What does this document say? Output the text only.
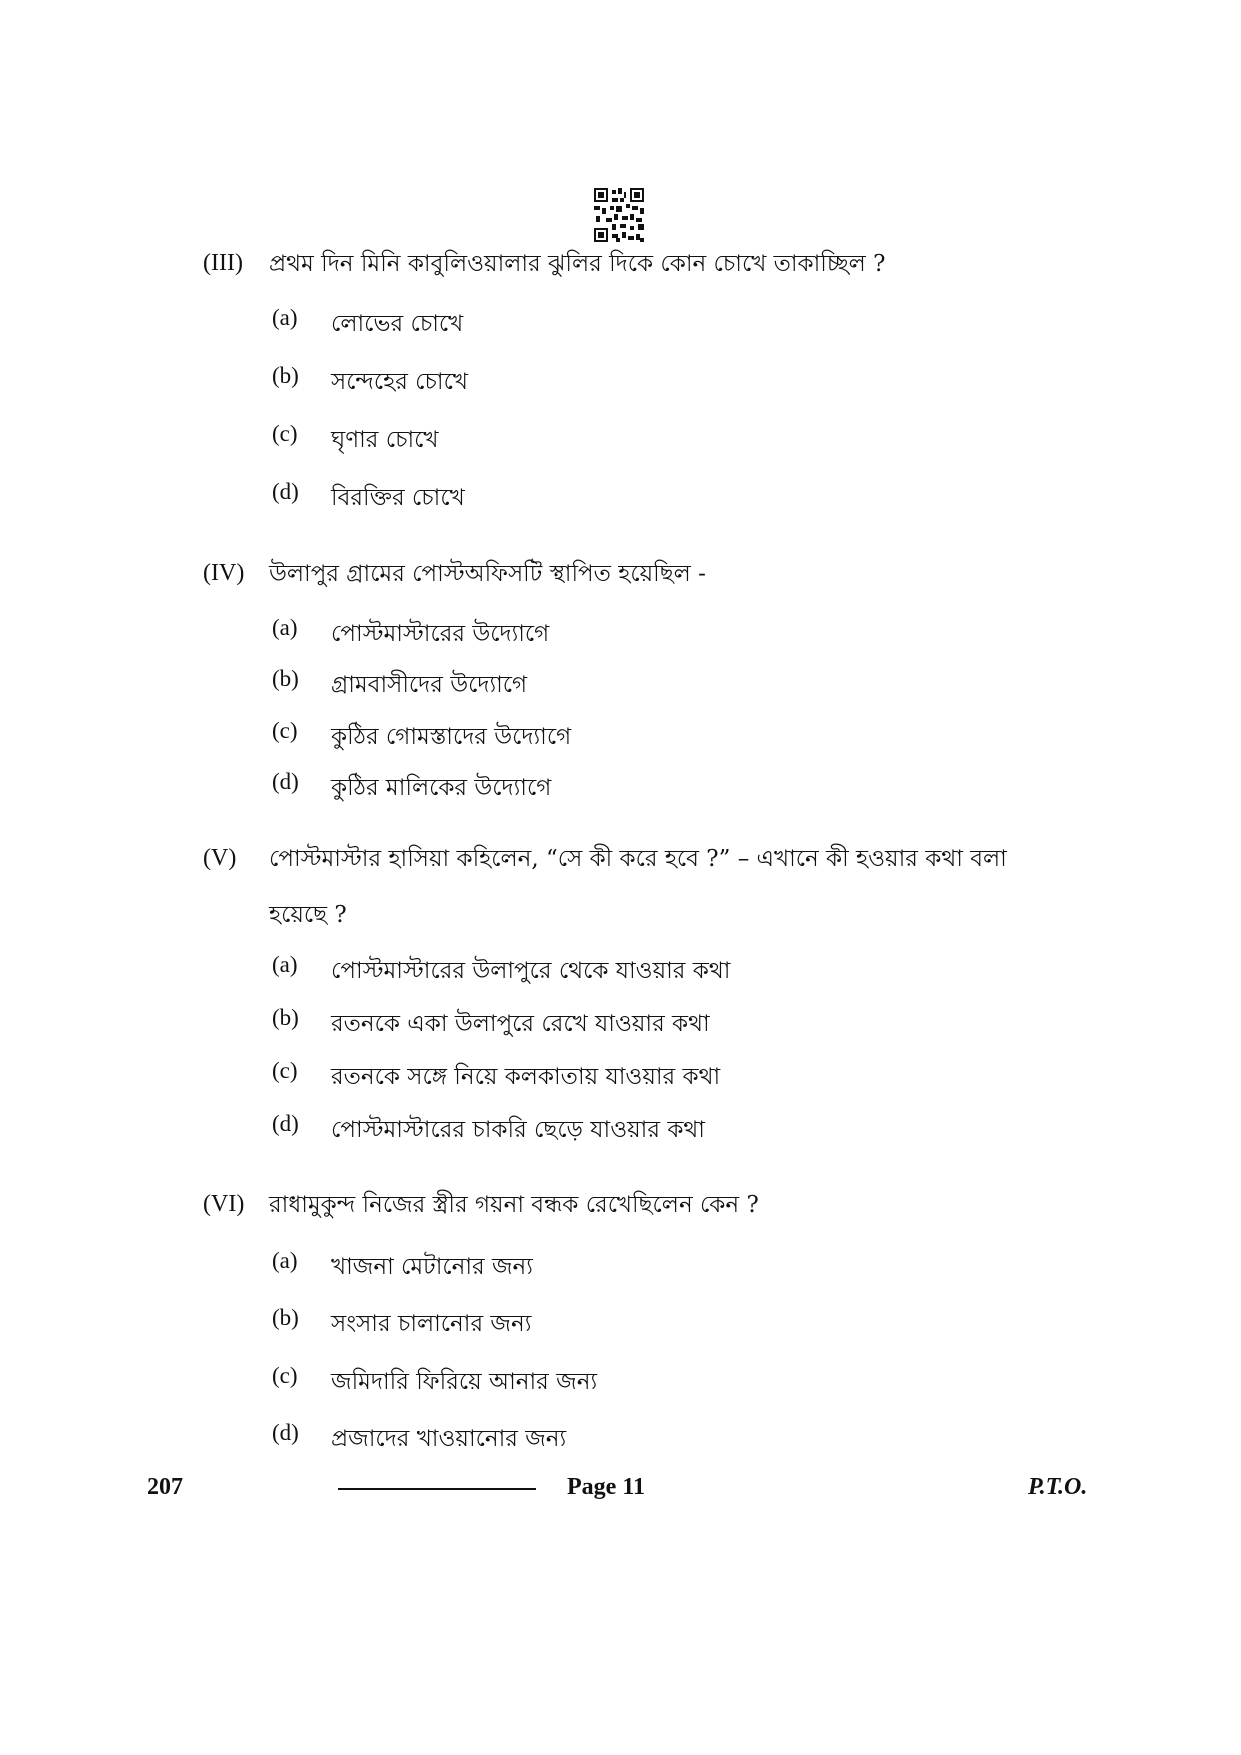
(III) প্রথম দিন মিনি কাবুলিওয়ালার ঝুলির দিকে কোন চোখে তাকাচ্ছিল ?
(a) লোভের চোখে
(b) সন্দেহের চোখে
(c) ঘৃণার চোখে
(d) বিরক্তির চোখে
(IV) উলাপুর গ্রামের পোস্টঅফিসটি স্থাপিত হয়েছিল -
(a) পোস্টমাস্টারের উদ্যোগে
(b) গ্রামবাসীদের উদ্যোগে
(c) কুঠির গোমস্তাদের উদ্যোগে
(d) কুঠির মালিকের উদ্যোগে
(V) পোস্টমাস্টার হাসিয়া কহিলেন, “সে কী করে হবে ?” – এখানে কী হওয়ার কথা বলা হয়েছে ?
(a) পোস্টমাস্টারের উলাপুরে থেকে যাওয়ার কথা
(b) রতনকে একা উলাপুরে রেখে যাওয়ার কথা
(c) রতনকে সঙ্গে নিয়ে কলকাতায় যাওয়ার কথা
(d) পোস্টমাস্টারের চাকরি ছেড়ে যাওয়ার কথা
(VI) রাধামুকুন্দ নিজের স্ত্রীর গয়না বন্ধক রেখেছিলেন কেন ?
(a) খাজনা মেটানোর জন্য
(b) সংসার চালানোর জন্য
(c) জমিদারি ফিরিয়ে আনার জন্য
(d) প্রজাদের খাওয়ানোর জন্য
207	Page 11	P.T.O.
